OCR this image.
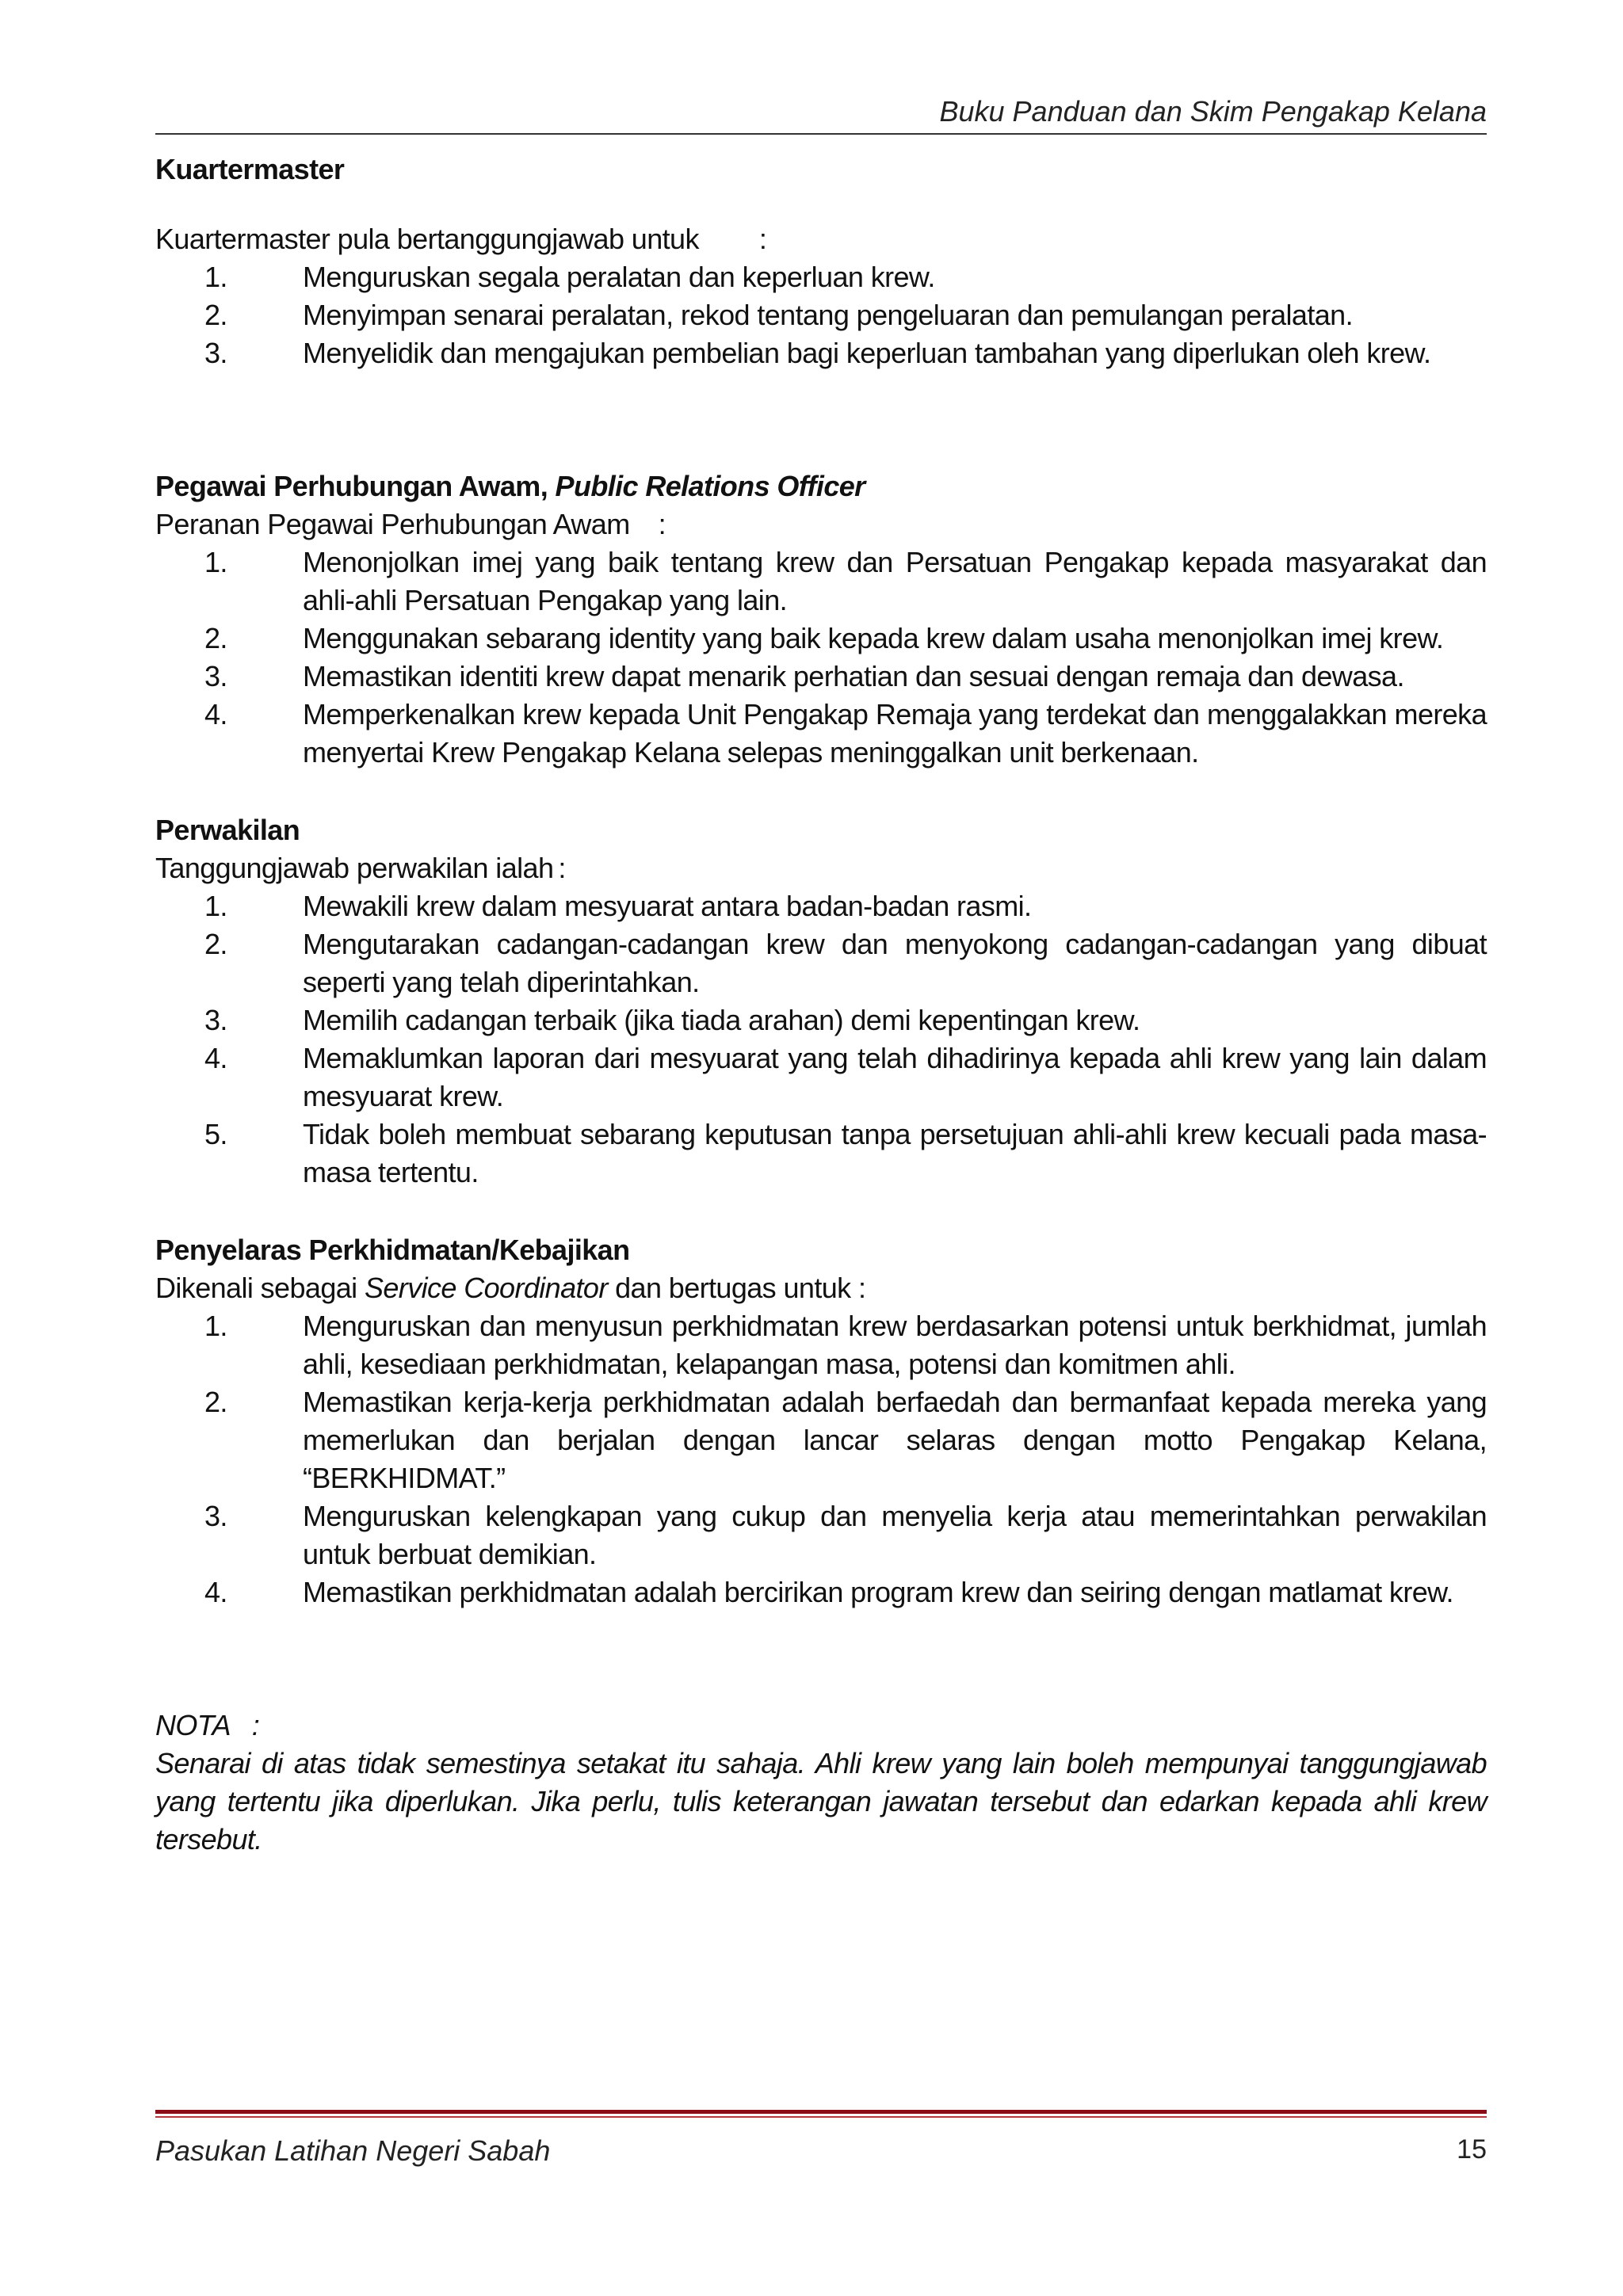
Buku Panduan dan Skim Pengakap Kelana

Kuartermaster

Kuartermaster pula bertanggungjawab untuk :

1.	Menguruskan segala peralatan dan keperluan krew.
2.	Menyimpan senarai peralatan, rekod tentang pengeluaran dan pemulangan peralatan.
3.	Menyelidik dan mengajukan pembelian bagi keperluan tambahan yang diperlukan oleh krew.

Pegawai Perhubungan Awam, Public Relations Officer

Peranan Pegawai Perhubungan Awam :

1.	Menonjolkan imej yang baik tentang krew dan Persatuan Pengakap kepada masyarakat dan ahli-ahli Persatuan Pengakap yang lain.
2.	Menggunakan sebarang identity yang baik kepada krew dalam usaha menonjolkan imej krew.
3.	Memastikan identiti krew dapat menarik perhatian dan sesuai dengan remaja dan dewasa.
4.	Memperkenalkan krew kepada Unit Pengakap Remaja yang terdekat dan menggalakkan mereka menyertai Krew Pengakap Kelana selepas meninggalkan unit berkenaan.

Perwakilan

Tanggungjawab perwakilan ialah :

1.	Mewakili krew dalam mesyuarat antara badan-badan rasmi.
2.	Mengutarakan cadangan-cadangan krew dan menyokong cadangan-cadangan yang dibuat seperti yang telah diperintahkan.
3.	Memilih cadangan terbaik (jika tiada arahan) demi kepentingan krew.
4.	Memaklumkan laporan dari mesyuarat yang telah dihadirinya kepada ahli krew yang lain dalam mesyuarat krew.
5.	Tidak boleh membuat sebarang keputusan tanpa persetujuan ahli-ahli krew kecuali pada masa-masa tertentu.

Penyelaras Perkhidmatan/Kebajikan

Dikenali sebagai Service Coordinator dan bertugas untuk :

1.	Menguruskan dan menyusun perkhidmatan krew berdasarkan potensi untuk berkhidmat, jumlah ahli, kesediaan perkhidmatan, kelapangan masa, potensi dan komitmen ahli.
2.	Memastikan kerja-kerja perkhidmatan adalah berfaedah dan bermanfaat kepada mereka yang memerlukan dan berjalan dengan lancar selaras dengan motto Pengakap Kelana, “BERKHIDMAT.”
3.	Menguruskan kelengkapan yang cukup dan menyelia kerja atau memerintahkan perwakilan untuk berbuat demikian.
4.	Memastikan perkhidmatan adalah bercirikan program krew dan seiring dengan matlamat krew.

NOTA   :

Senarai di atas tidak semestinya setakat itu sahaja. Ahli krew yang lain boleh mempunyai tanggungjawab yang tertentu jika diperlukan. Jika perlu, tulis keterangan jawatan tersebut dan edarkan kepada ahli krew tersebut.

Pasukan Latihan Negeri Sabah	15
